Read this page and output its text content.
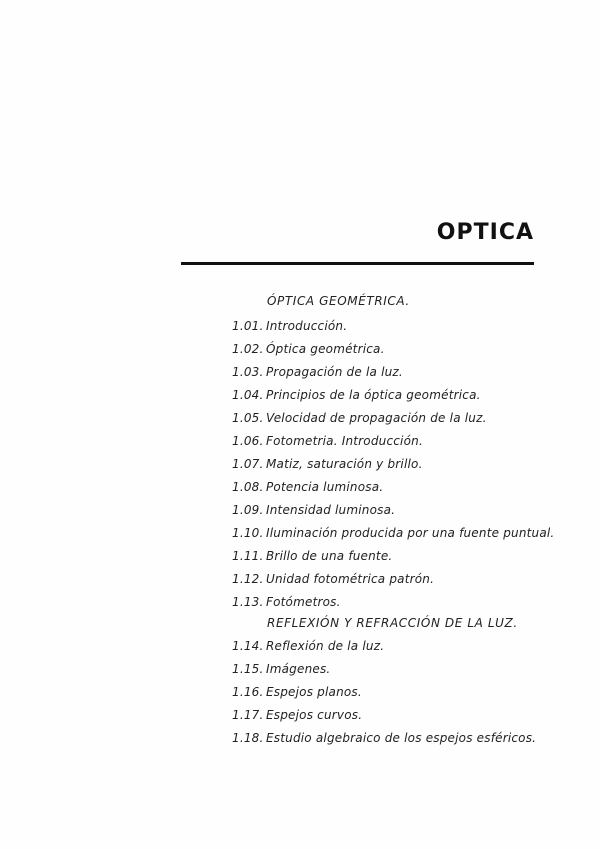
OPTICA
ÓPTICA GEOMÉTRICA.
1.01. Introducción.
1.02. Óptica geométrica.
1.03. Propagación de la luz.
1.04. Principios de la óptica geométrica.
1.05. Velocidad de propagación de la luz.
1.06. Fotometria. Introducción.
1.07. Matiz, saturación y brillo.
1.08. Potencia luminosa.
1.09. Intensidad luminosa.
1.10. Iluminación producida por una fuente puntual.
1.11. Brillo de una fuente.
1.12. Unidad fotométrica patrón.
1.13. Fotómetros.
REFLEXIÓN Y REFRACCIÓN DE LA LUZ.
1.14. Reflexión de la luz.
1.15. Imágenes.
1.16. Espejos planos.
1.17. Espejos curvos.
1.18. Estudio algebraico de los espejos esféricos.
